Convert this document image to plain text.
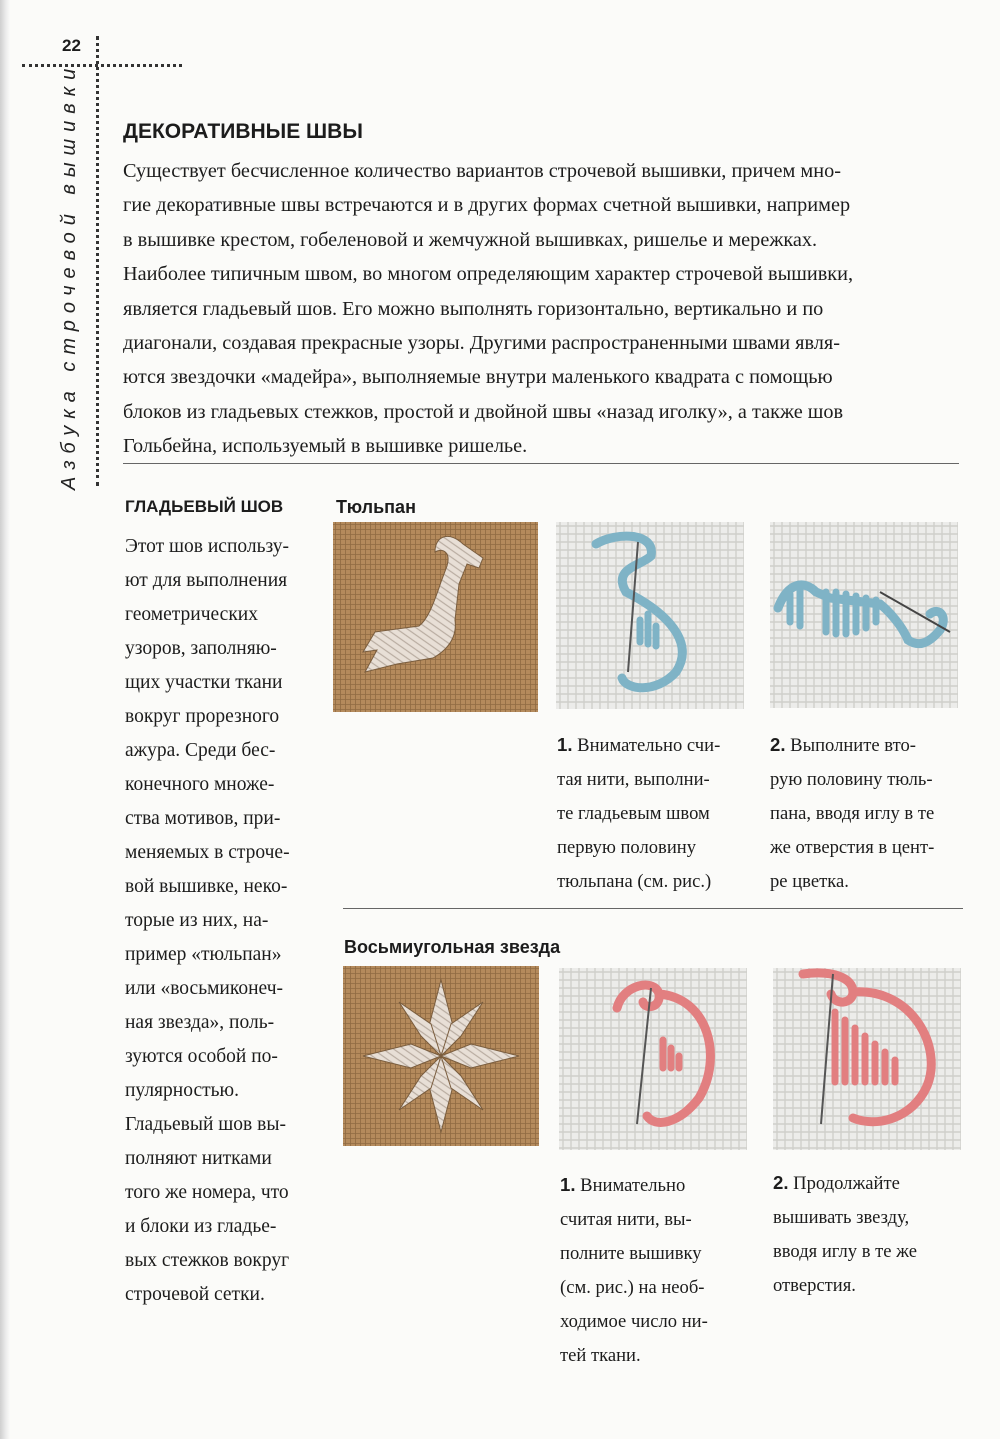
22
Азбука строчевой вышивки ДЕКОРАТИВНЫЕ ШВЫ

Существует бесчисленное количество вариантов строчевой вышивки, причем мно-
гие декоративные швы встречаются и в других формах счетной вышивки, например
в вышивке крестом, гобеленовой и жемчужной вышивках, ришелье и мережках.
Наиболее типичным швом, во многом определяющим характер строчевой вышивки,
является гладьевый шов. Его можно выполнять горизонтально, вертикально и по
диагонали, создавая прекрасные узоры. Другими распространенными швами явля-
ются звездочки «мадейра», выполняемые внутри маленького квадрата с помощью
блоков из гладьевых стежков, простой и двойной швы «назад иголку», а также шов
Гольбейна, используемый в вышивке ришелье.

ГЛАДЬЕВЫЙ ШОВ

Этот шов использу-
ют для выполнения
геометрических
узоров, заполняю-
щих участки ткани
вокруг прорезного
ажура. Среди бес-
конечного множе-
ства мотивов, при-
меняемых в строче-
вой вышивке, неко-
торые из них, на-
пример «тюльпан»
или «восьмиконеч-
ная звезда», поль-
зуются особой по-
пулярностью.
Гладьевый шов вы-
полняют нитками
того же номера, что
и блоки из гладье-
вых стежков вокруг
строчевой сетки.

Тюльпан

1. Внимательно счи-
тая нити, выполни-
те гладьевым швом
первую половину
тюльпана (см. рис.)

2. Выполните вто-
рую половину тюль-
пана, вводя иглу в те
же отверстия в цент-
ре цветка.

Восьмиугольная звезда

1. Внимательно
считая нити, вы-
полните вышивку
(см. рис.) на необ-
ходимое число ни-
тей ткани.

2. Продолжайте
вышивать звезду,
вводя иглу в те же
отверстия.
